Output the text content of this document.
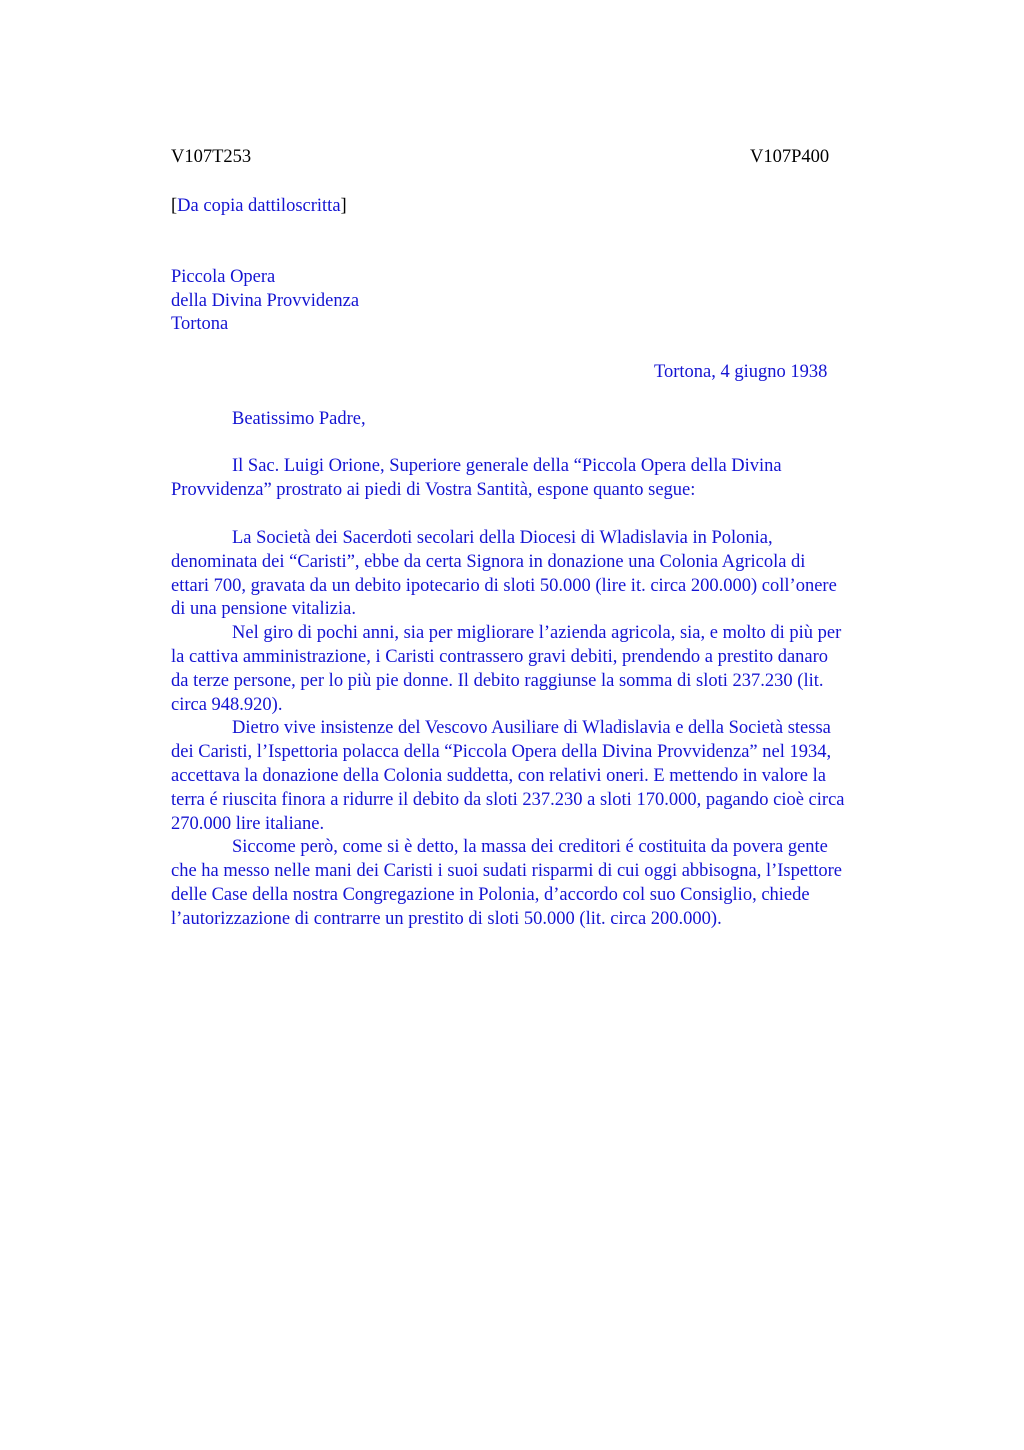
V107T253	V107P400
[Da copia dattiloscritta]
Piccola Opera
della Divina Provvidenza
Tortona
Tortona, 4 giugno 1938
Beatissimo Padre,

Il Sac. Luigi Orione, Superiore generale della “Piccola Opera della Divina
Provvidenza” prostrato ai piedi di Vostra Santità, espone quanto segue:

La Società dei Sacerdoti secolari della Diocesi di Wladislavia in Polonia,
denominata dei “Caristi”, ebbe da certa Signora in donazione una Colonia Agricola di
ettari 700, gravata da un debito ipotecario di sloti 50.000 (lire it. circa 200.000) coll’onere
di una pensione vitalizia.

Nel giro di pochi anni, sia per migliorare l’azienda agricola, sia, e molto di più per
la cattiva amministrazione, i Caristi contrassero gravi debiti, prendendo a prestito danaro
da terze persone, per lo più pie donne. Il debito raggiunse la somma di sloti 237.230 (lit.
circa 948.920).

Dietro vive insistenze del Vescovo Ausiliare di Wladislavia e della Società stessa
dei Caristi, l’Ispettoria polacca della “Piccola Opera della Divina Provvidenza” nel 1934,
accettava la donazione della Colonia suddetta, con relativi oneri. E mettendo in valore la
terra é riuscita finora a ridurre il debito da sloti 237.230 a sloti 170.000, pagando cioè circa
270.000 lire italiane.

Siccome però, come si è detto, la massa dei creditori é costituita da povera gente
che ha messo nelle mani dei Caristi i suoi sudati risparmi di cui oggi abbisogna, l’Ispettore
delle Case della nostra Congregazione in Polonia, d’accordo col suo Consiglio, chiede
l’autorizzazione di contrarre un prestito di sloti 50.000 (lit. circa 200.000).
